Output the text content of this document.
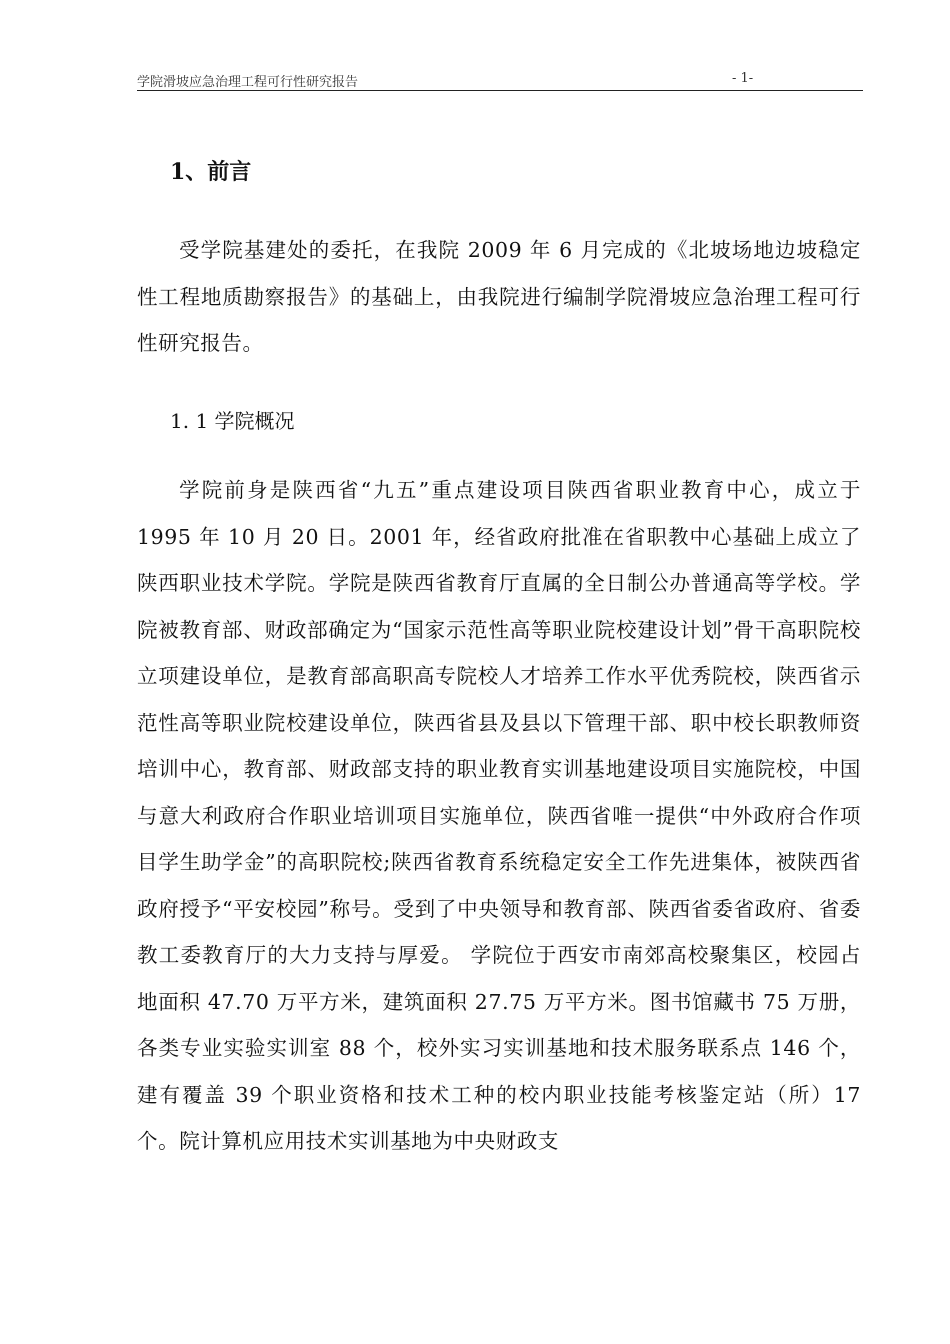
学院滑坡应急治理工程可行性研究报告	- 1-
1、前言
受学院基建处的委托，在我院 2009 年 6 月完成的《北坡场地边坡稳定性工程地质勘察报告》的基础上，由我院进行编制学院滑坡应急治理工程可行性研究报告。
1. 1 学院概况
学院前身是陕西省“九五”重点建设项目陕西省职业教育中心，成立于 1995 年 10 月 20 日。2001 年，经省政府批准在省职教中心基础上成立了陕西职业技术学院。学院是陕西省教育厅直属的全日制公办普通高等学校。学院被教育部、财政部确定为“国家示范性高等职业院校建设计划”骨干高职院校立项建设单位，是教育部高职高专院校人才培养工作水平优秀院校，陕西省示范性高等职业院校建设单位，陕西省县及县以下管理干部、职中校长职教师资培训中心，教育部、财政部支持的职业教育实训基地建设项目实施院校，中国与意大利政府合作职业培训项目实施单位，陕西省唯一提供“中外政府合作项目学生助学金”的高职院校;陕西省教育系统稳定安全工作先进集体，被陕西省政府授予“平安校园”称号。受到了中央领导和教育部、陕西省委省政府、省委教工委教育厅的大力支持与厚爱。 学院位于西安市南郊高校聚集区，校园占地面积 47.70 万平方米，建筑面积 27.75 万平方米。图书馆藏书 75 万册，各类专业实验实训室 88 个，校外实习实训基地和技术服务联系点 146 个，建有覆盖 39 个职业资格和技术工种的校内职业技能考核鉴定站（所）17 个。院计算机应用技术实训基地为中央财政支
